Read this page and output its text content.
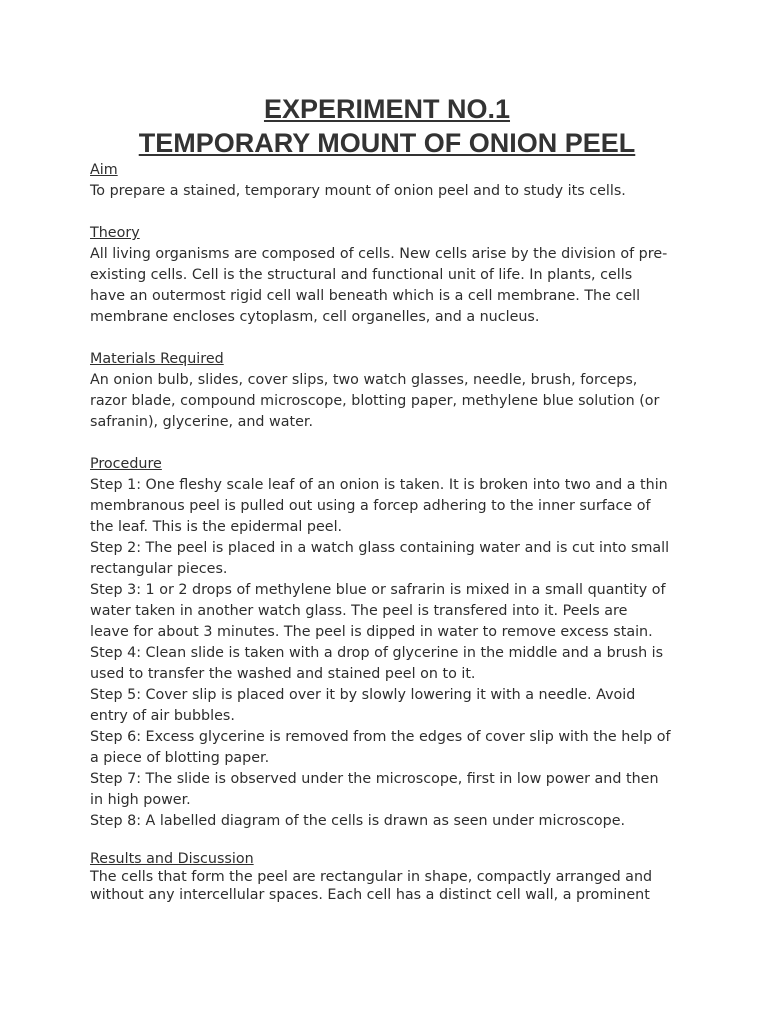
EXPERIMENT NO.1
TEMPORARY MOUNT OF ONION PEEL

Aim

To prepare a stained, temporary mount of onion peel and to study its cells.

Theory

All living organisms are composed of cells. New cells arise by the division of pre-

existing cells. Cell is the structural and functional unit of life. In plants, cells

have an outermost rigid cell wall beneath which is a cell membrane. The cell

membrane encloses cytoplasm, cell organelles, and a nucleus.

Materials Required

An onion bulb, slides, cover slips, two watch glasses, needle, brush, forceps,

razor blade, compound microscope, blotting paper, methylene blue solution (or

safranin), glycerine, and water.

Procedure

Step 1: One fleshy scale leaf of an onion is taken. It is broken into two and a thin

membranous peel is pulled out using a forcep adhering to the inner surface of

the leaf. This is the epidermal peel.

Step 2: The peel is placed in a watch glass containing water and is cut into small

rectangular pieces.

Step 3: 1 or 2 drops of methylene blue or safrarin is mixed in a small quantity of

water taken in another watch glass. The peel is transfered into it. Peels are

leave for about 3 minutes. The peel is dipped in water to remove excess stain.

Step 4: Clean slide is taken with a drop of glycerine in the middle and a brush is

used to transfer the washed and stained peel on to it.

Step 5: Cover slip is placed over it by slowly lowering it with a needle. Avoid

entry of air bubbles.

Step 6: Excess glycerine is removed from the edges of cover slip with the help of

a piece of blotting paper.

Step 7: The slide is observed under the microscope, first in low power and then

in high power.

Step 8: A labelled diagram of the cells is drawn as seen under microscope.

Results and Discussion

The cells that form the peel are rectangular in shape, compactly arranged and

without any intercellular spaces. Each cell has a distinct cell wall, a prominent
